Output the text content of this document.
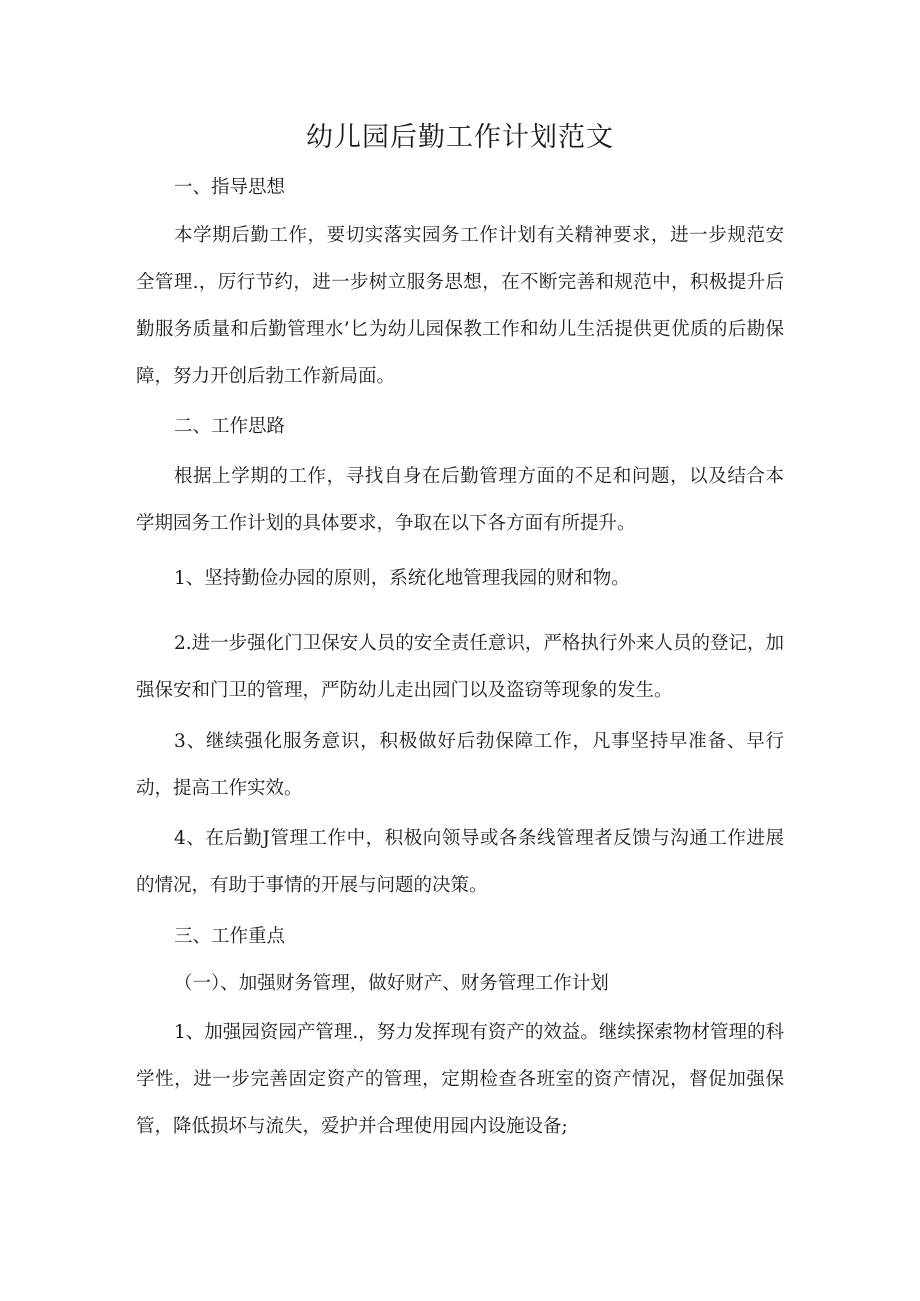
幼儿园后勤工作计划范文
一、指导思想
本学期后勤工作，要切实落实园务工作计划有关精神要求，进一步规范安全管理.，厉行节约，进一步树立服务思想，在不断完善和规范中，积极提升后勤服务质量和后勤管理水’匕为幼儿园保教工作和幼儿生活提供更优质的后勘保障，努力开创后勃工作新局面。
二、工作思路
根据上学期的工作，寻找自身在后勤管理方面的不足和问题，以及结合本学期园务工作计划的具体要求，争取在以下各方面有所提升。
1、坚持勤俭办园的原则，系统化地管理我园的财和物。
2.进一步强化门卫保安人员的安全责任意识，严格执行外来人员的登记，加强保安和门卫的管理，严防幼儿走出园门以及盗窃等现象的发生。
3、继续强化服务意识，积极做好后勃保障工作，凡事坚持早准备、早行动，提高工作实效。
4、在后勤J管理工作中，积极向领导或各条线管理者反馈与沟通工作进展的情况，有助于事情的开展与问题的决策。
三、工作重点
（一）、加强财务管理，做好财产、财务管理工作计划
1、加强园资园产管理.，努力发挥现有资产的效益。继续探索物材管理的科学性，进一步完善固定资产的管理，定期检查各班室的资产情况，督促加强保管，降低损坏与流失，爱护并合理使用园内设施设备;
